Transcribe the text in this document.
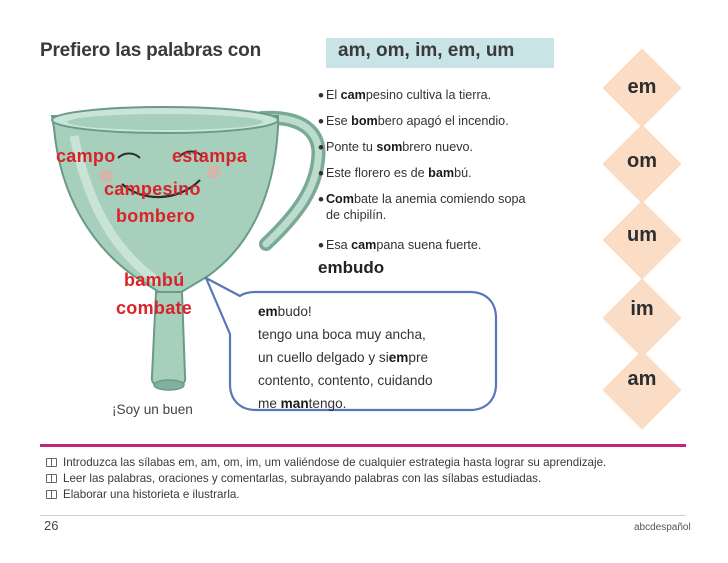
Prefiero las palabras con	am, om, im, em, um
campo	estampa
campesino
bombero
bambú
combate
• El campesino cultiva la tierra.
• Ese bombero apagó el incendio.
• Ponte tu sombrero nuevo.
• Este florero es de bambú.
• Combate la anemia comiendo sopa
de chipilín.
• Esa campana suena fuerte.
embudo
embudo!
tengo una boca muy ancha,
un cuello delgado y siempre
contento, contento, cuidando
me mantengo.
¡Soy un buen
em
om
um
im
am
Introduzca las sílabas em, am, om, im, um valiéndose de cualquier estrategia hasta lograr su aprendizaje.
Leer las palabras, oraciones y comentarlas, subrayando palabras con las sílabas estudiadas.
Elaborar una historieta e ilustrarla.
26	abcdespañol
